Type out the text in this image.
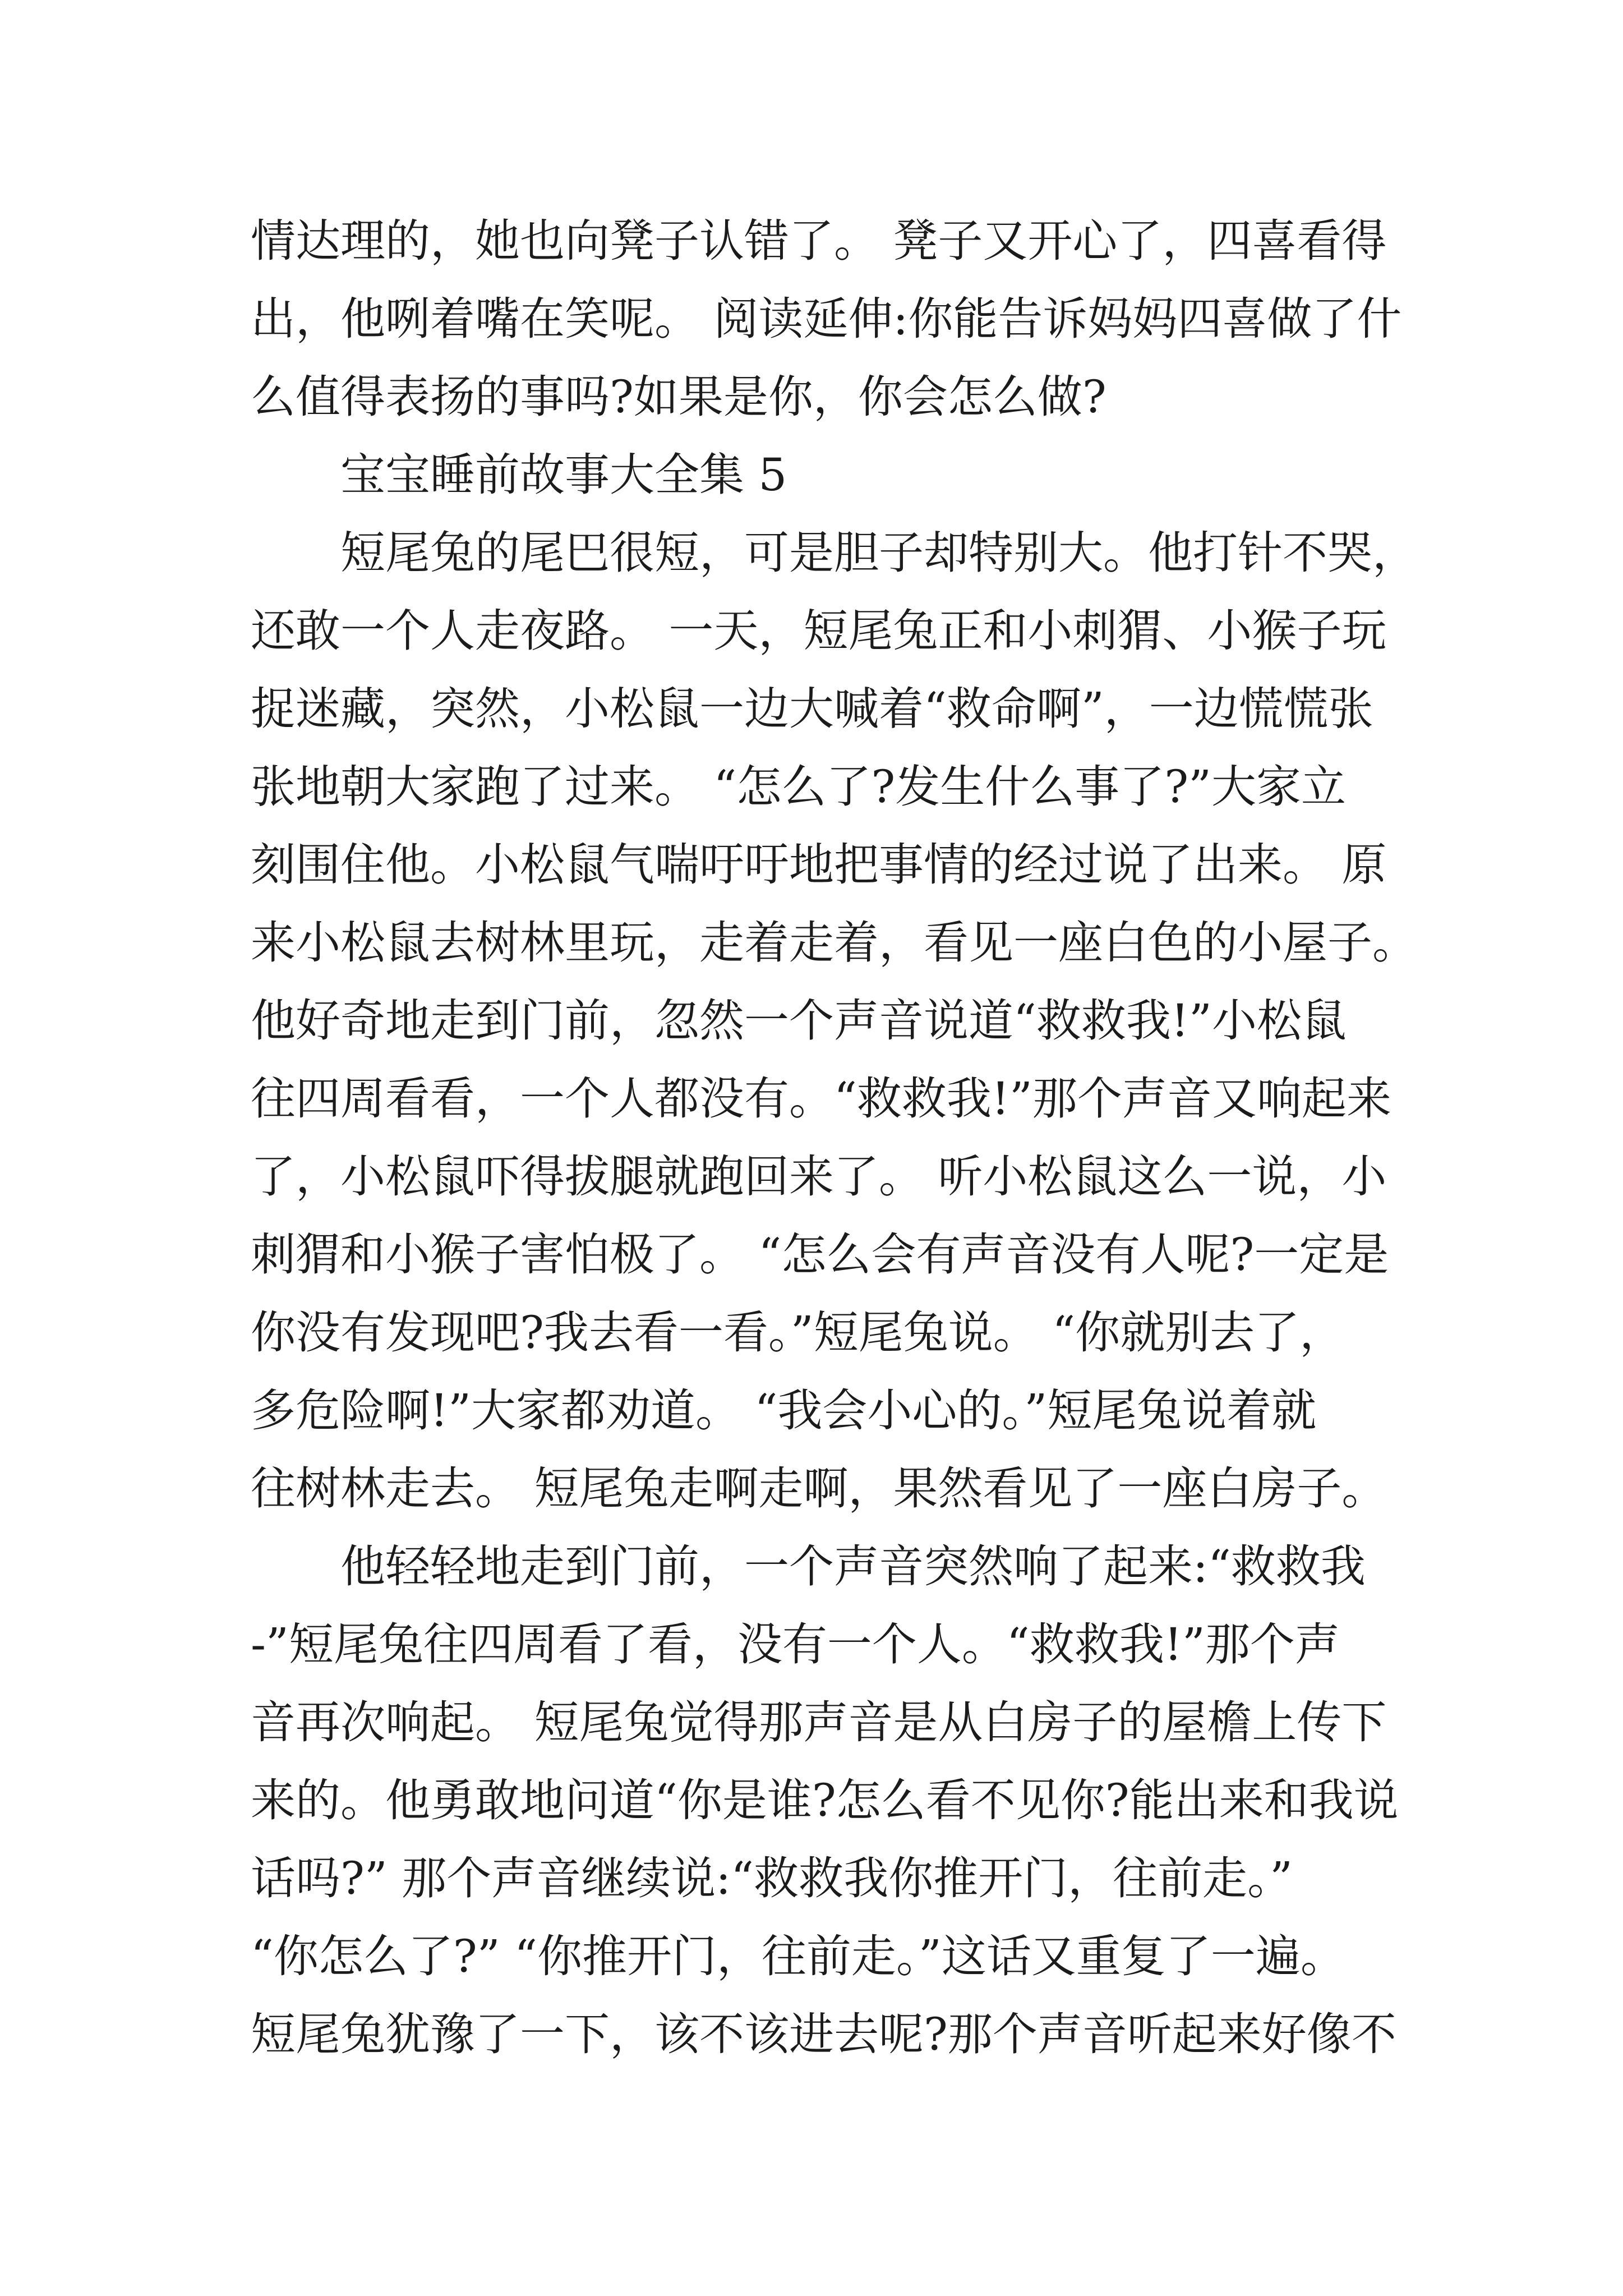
情达理的，她也向凳子认错了。 凳子又开心了，四喜看得
出，他咧着嘴在笑呢。 阅读延伸:你能告诉妈妈四喜做了什
么值得表扬的事吗?如果是你，你会怎么做?
宝宝睡前故事大全集 5
短尾兔的尾巴很短，可是胆子却特别大。他打针不哭，
还敢一个人走夜路。 一天，短尾兔正和小刺猬、小猴子玩
捉迷藏，突然，小松鼠一边大喊着“救命啊”，一边慌慌张
张地朝大家跑了过来。 “怎么了?发生什么事了?”大家立
刻围住他。小松鼠气喘吁吁地把事情的经过说了出来。 原
来小松鼠去树林里玩，走着走着，看见一座白色的小屋子。
他好奇地走到门前，忽然一个声音说道“救救我!”小松鼠
往四周看看，一个人都没有。“救救我!”那个声音又响起来
了，小松鼠吓得拔腿就跑回来了。 听小松鼠这么一说，小
刺猬和小猴子害怕极了。 “怎么会有声音没有人呢?一定是
你没有发现吧?我去看一看。”短尾兔说。 “你就别去了，
多危险啊!”大家都劝道。 “我会小心的。”短尾兔说着就
往树林走去。 短尾兔走啊走啊，果然看见了一座白房子。
他轻轻地走到门前，一个声音突然响了起来:“救救我
-”短尾兔往四周看了看，没有一个人。“救救我!”那个声
音再次响起。 短尾兔觉得那声音是从白房子的屋檐上传下
来的。他勇敢地问道“你是谁?怎么看不见你?能出来和我说
话吗?” 那个声音继续说:“救救我你推开门，往前走。”
“你怎么了?” “你推开门，往前走。”这话又重复了一遍。
短尾兔犹豫了一下，该不该进去呢?那个声音听起来好像不
